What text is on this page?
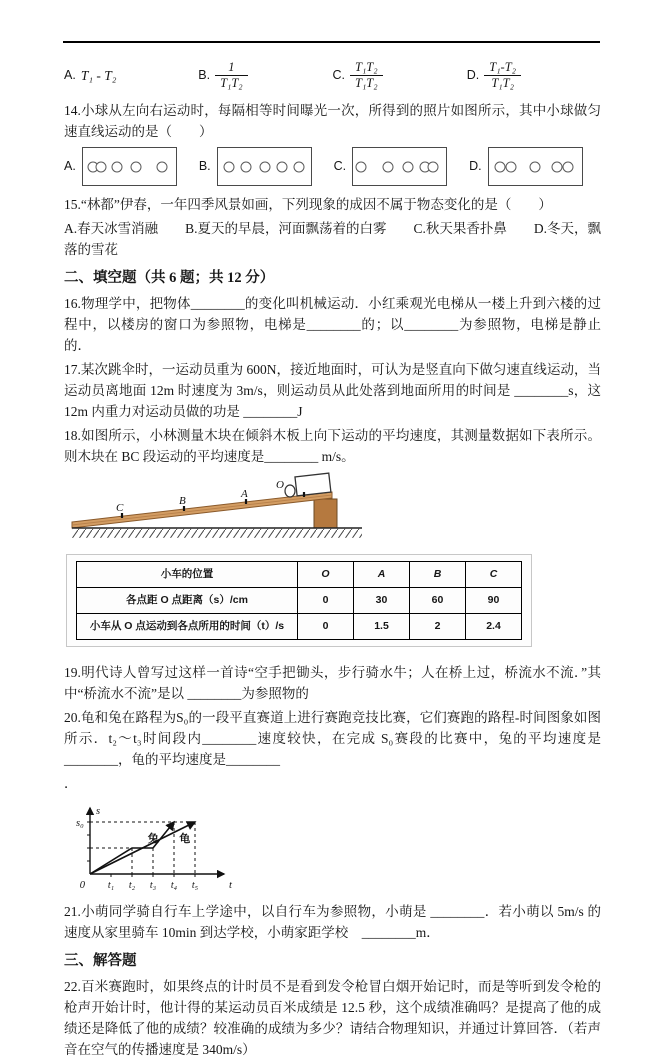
A. T₁ - T₂	B. $\frac{1}{\text{T₁T₂}}$	C. $\frac{\text{T₁T₂}}{\text{T₁T₂}}$	D. $\frac{\text{T₁-T₂}}{\text{T₁T₂}}$
14.小球从左向右运动时，每隔相等时间曝光一次，所得到的照片如图所示，其中小球做匀速直线运动的是（　　）
A.	B.	C.	D.
15.“林都”伊春，一年四季风景如画，下列现象的成因不属于物态变化的是（　　）
A.春天冰雪消融　　B.夏天的早晨，河面飘荡着的白雾　　C.秋天果香扑鼻　　D.冬天，飘落的雪花
二、填空题（共 6 题；共 12 分）
16.物理学中，把物体________的变化叫机械运动．小红乘观光电梯从一楼上升到六楼的过程中，以楼房的窗口为参照物，电梯是________的；以________为参照物，电梯是静止的．
17.某次跳伞时，一运动员重为 600N，接近地面时，可认为是竖直向下做匀速直线运动，当运动员离地面 12m 时速度为 3m/s，则运动员从此处落到地面所用的时间是 ________s，这 12m 内重力对运动员做的功是 ________J
18.如图所示，小林测量木块在倾斜木板上向下运动的平均速度，其测量数据如下表所示。则木块在 BC 段运动的平均速度是________ m/s。
C
B
A
O
小车的位置	O	A	B	C
各点距 O 点距离（s）/cm	0	30	60	90
小车从 O 点运动到各点所用的时间（t）/s	0	1.5	2	2.4
19.明代诗人曾写过这样一首诗“空手把锄头，步行骑水牛；人在桥上过，桥流水不流．”其中“桥流水不流”是以 ________为参照物的
20.龟和兔在路程为S₀的一段平直赛道上进行赛跑竞技比赛，它们赛跑的路程-时间图象如图所示．t₂～t₃时间段内________速度较快，在完成 S₀赛段的比赛中，兔的平均速度是________，龟的平均速度是________
．
兔 龟
t₁ t₂ t₃ t₄ t₅
0
s₀
s
t
21.小萌同学骑自行车上学途中，以自行车为参照物，小萌是 ________．若小萌以 5m/s 的速度从家里骑车 10min 到达学校，小萌家距学校　________m．
三、解答题
22.百米赛跑时，如果终点的计时员不是看到发令枪冒白烟开始记时，而是等听到发令枪的枪声开始计时，他计得的某运动员百米成绩是 12.5 秒，这个成绩准确吗？是提高了他的成绩还是降低了他的成绩？较准确的成绩为多少？请结合物理知识，并通过计算回答．（若声音在空气的传播速度是 340m/s）
